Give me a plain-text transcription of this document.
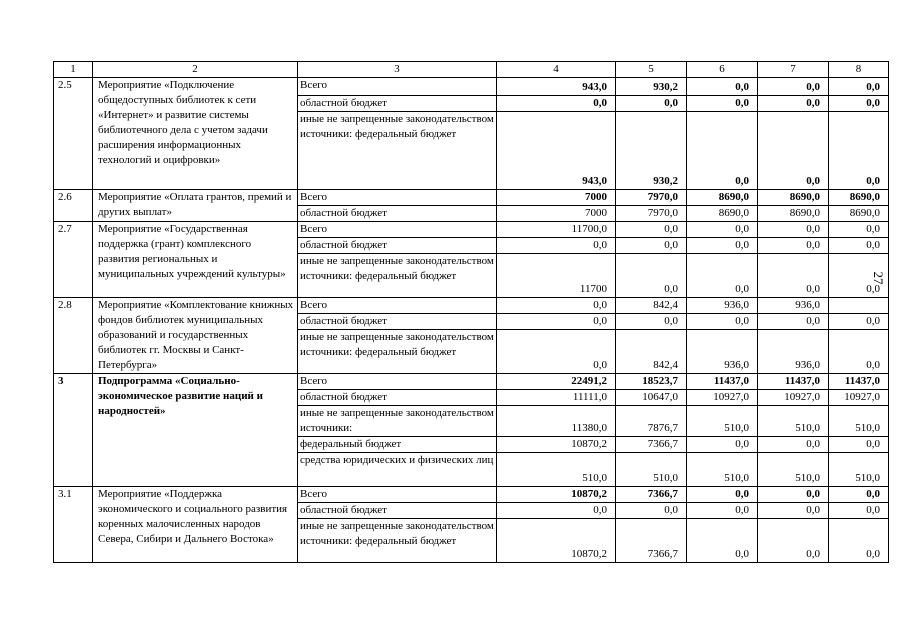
1	2	3	4	5	6	7	8
2.5	Мероприятие «Подключение общедоступных библиотек к сети «Интернет» и развитие системы библиотечного дела с учетом задачи расширения информационных технологий и оцифровки»	Всего	943,0	930,2	0,0	0,0	0,0
		областной бюджет	0,0	0,0	0,0	0,0	0,0
		иные не запрещенные законодательством источники: федеральный бюджет	943,0	930,2	0,0	0,0	0,0
2.6	Мероприятие «Оплата грантов, премий и других выплат»	Всего	7000	7970,0	8690,0	8690,0	8690,0
		областной бюджет	7000	7970,0	8690,0	8690,0	8690,0
2.7	Мероприятие «Государственная поддержка (грант) комплексного развития региональных и муниципальных учреждений культуры»	Всего	11700,0	0,0	0,0	0,0	0,0
		областной бюджет	0,0	0,0	0,0	0,0	0,0
		иные не запрещенные законодательством источники: федеральный бюджет	11700	0,0	0,0	0,0	0,0
2.8	Мероприятие «Комплектование книжных фондов библиотек муниципальных образований и государственных библиотек гг. Москвы и Санкт-Петербурга»	Всего	0,0	842,4	936,0	936,0	
		областной бюджет	0,0	0,0	0,0	0,0	0,0
		иные не запрещенные законодательством источники: федеральный бюджет	0,0	842,4	936,0	936,0	0,0
3	Подпрограмма «Социально-экономическое развитие наций и народностей»	Всего	22491,2	18523,7	11437,0	11437,0	11437,0
		областной бюджет	11111,0	10647,0	10927,0	10927,0	10927,0
		иные не запрещенные законодательством источники:	11380,0	7876,7	510,0	510,0	510,0
		федеральный бюджет	10870,2	7366,7	0,0	0,0	0,0
		средства юридических и физических лиц	510,0	510,0	510,0	510,0	510,0
3.1	Мероприятие «Поддержка экономического и социального развития коренных малочисленных народов Севера, Сибири и Дальнего Востока»	Всего	10870,2	7366,7	0,0	0,0	0,0
		областной бюджет	0,0	0,0	0,0	0,0	0,0
		иные не запрещенные законодательством источники: федеральный бюджет	10870,2	7366,7	0,0	0,0	0,0
27
